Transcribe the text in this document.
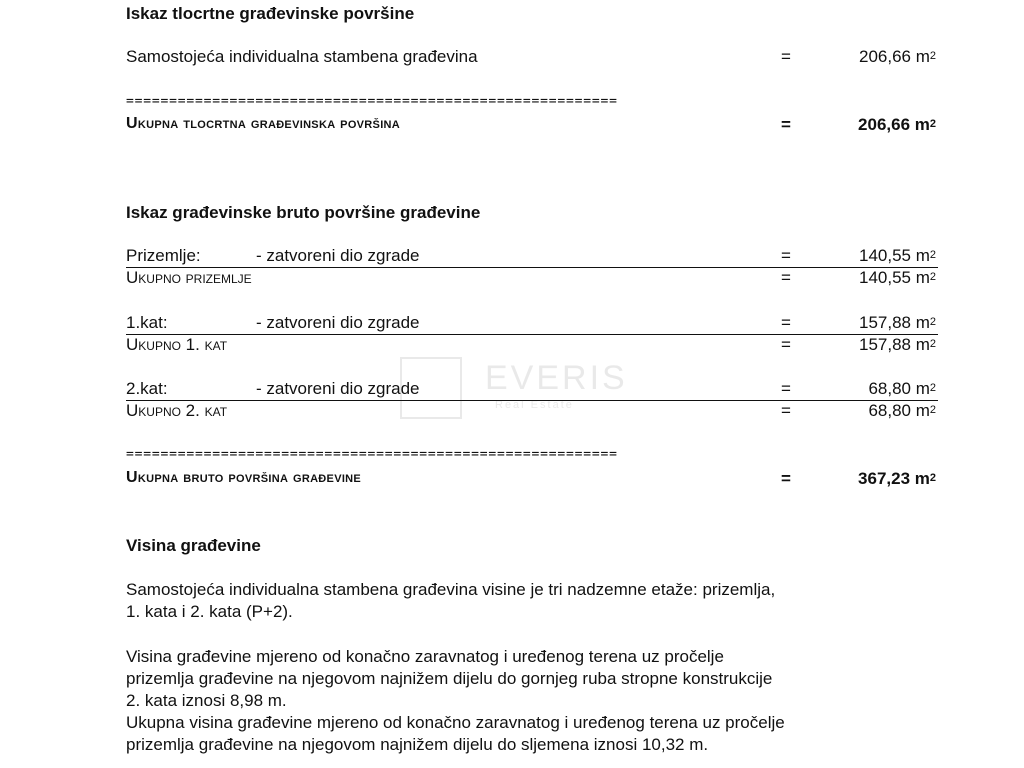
Iskaz tlocrtne građevinske površine
Samostojeća individualna stambena građevina	=	206,66 $m^2$
=========================================================
Ukupna tlocrtna građevinska površina	=	206,66 $m^2$
Iskaz građevinske bruto površine građevine
Prizemlje:	- zatvoreni dio zgrade	=	140,55 $m^2$
Ukupno prizemlje	=	140,55 $m^2$
1.kat:	- zatvoreni dio zgrade	=	157,88 $m^2$
Ukupno 1. kat	=	157,88 $m^2$
2.kat:	- zatvoreni dio zgrade	=	68,80 $m^2$
Ukupno 2. kat	=	68,80 $m^2$
=========================================================
Ukupna bruto površina građevine	=	367,23 $m^2$
Visina građevine
Samostojeća individualna stambena građevina visine je tri nadzemne etaže: prizemlja,
1. kata i 2. kata (P+2).
Visina građevine mjereno od konačno zaravnatog i uređenog terena uz pročelje
prizemlja građevine na njegovom najnižem dijelu do gornjeg ruba stropne konstrukcije
2. kata iznosi 8,98 m.
Ukupna visina građevine mjereno od konačno zaravnatog i uređenog terena uz pročelje
prizemlja građevine na njegovom najnižem dijelu do sljemena iznosi 10,32 m.
EVERIS
Real Estate
